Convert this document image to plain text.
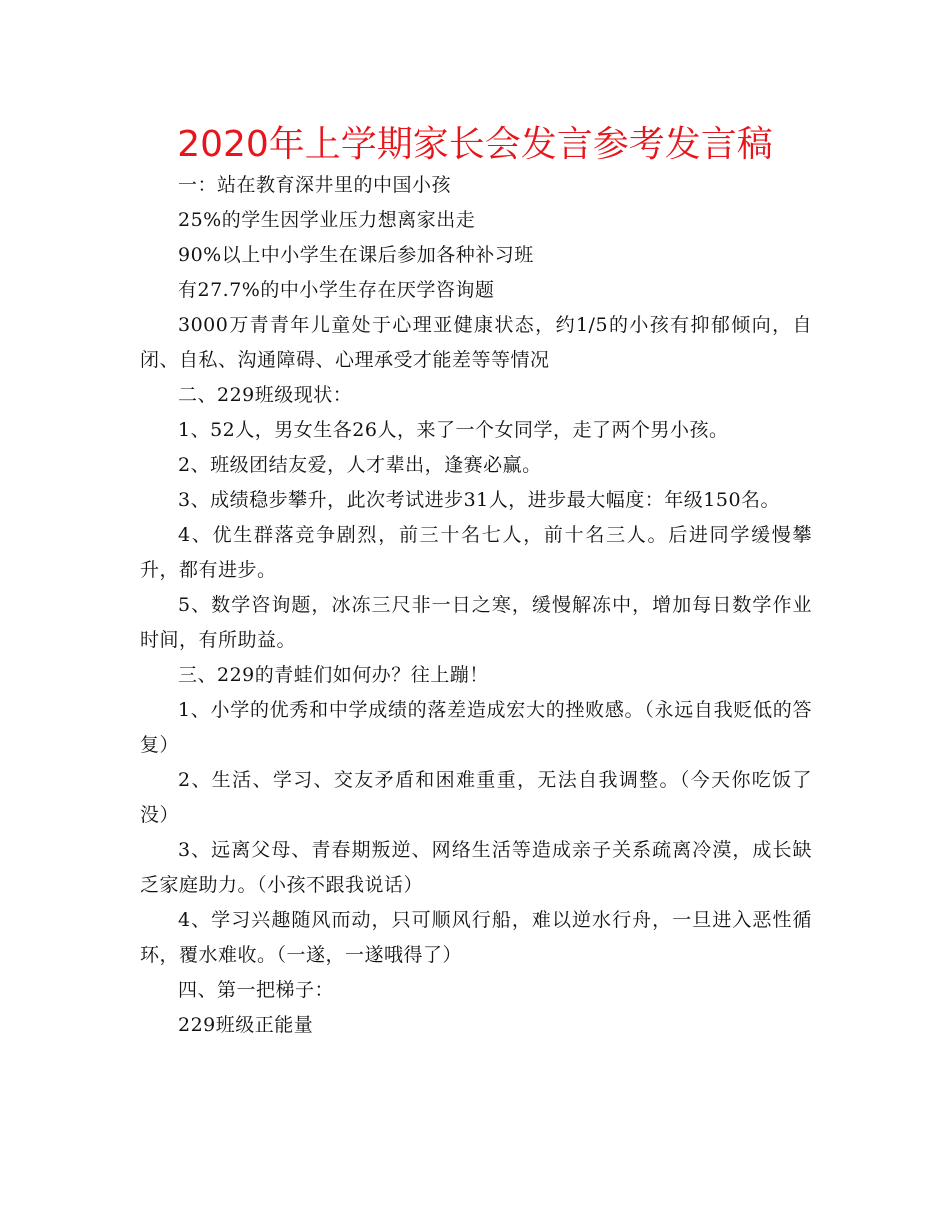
2020年上学期家长会发言参考发言稿

一：站在教育深井里的中国小孩

25%的学生因学业压力想离家出走

90%以上中小学生在课后参加各种补习班

有27.7%的中小学生存在厌学咨询题

3000万青青年儿童处于心理亚健康状态，约1/5的小孩有抑郁倾向，自闭、自私、沟通障碍、心理承受才能差等等情况

二、229班级现状：

1、52人，男女生各26人，来了一个女同学，走了两个男小孩。

2、班级团结友爱，人才辈出，逢赛必赢。

3、成绩稳步攀升，此次考试进步31人，进步最大幅度：年级150名。

4、优生群落竞争剧烈，前三十名七人，前十名三人。后进同学缓慢攀升，都有进步。

5、数学咨询题，冰冻三尺非一日之寒，缓慢解冻中，增加每日数学作业时间，有所助益。

三、229的青蛙们如何办？往上蹦！

1、小学的优秀和中学成绩的落差造成宏大的挫败感。（永远自我贬低的答复）

2、生活、学习、交友矛盾和困难重重，无法自我调整。（今天你吃饭了没）

3、远离父母、青春期叛逆、网络生活等造成亲子关系疏离冷漠，成长缺乏家庭助力。（小孩不跟我说话）

4、学习兴趣随风而动，只可顺风行船，难以逆水行舟，一旦进入恶性循环，覆水难收。（一遂，一遂哦得了）

四、第一把梯子：

229班级正能量
